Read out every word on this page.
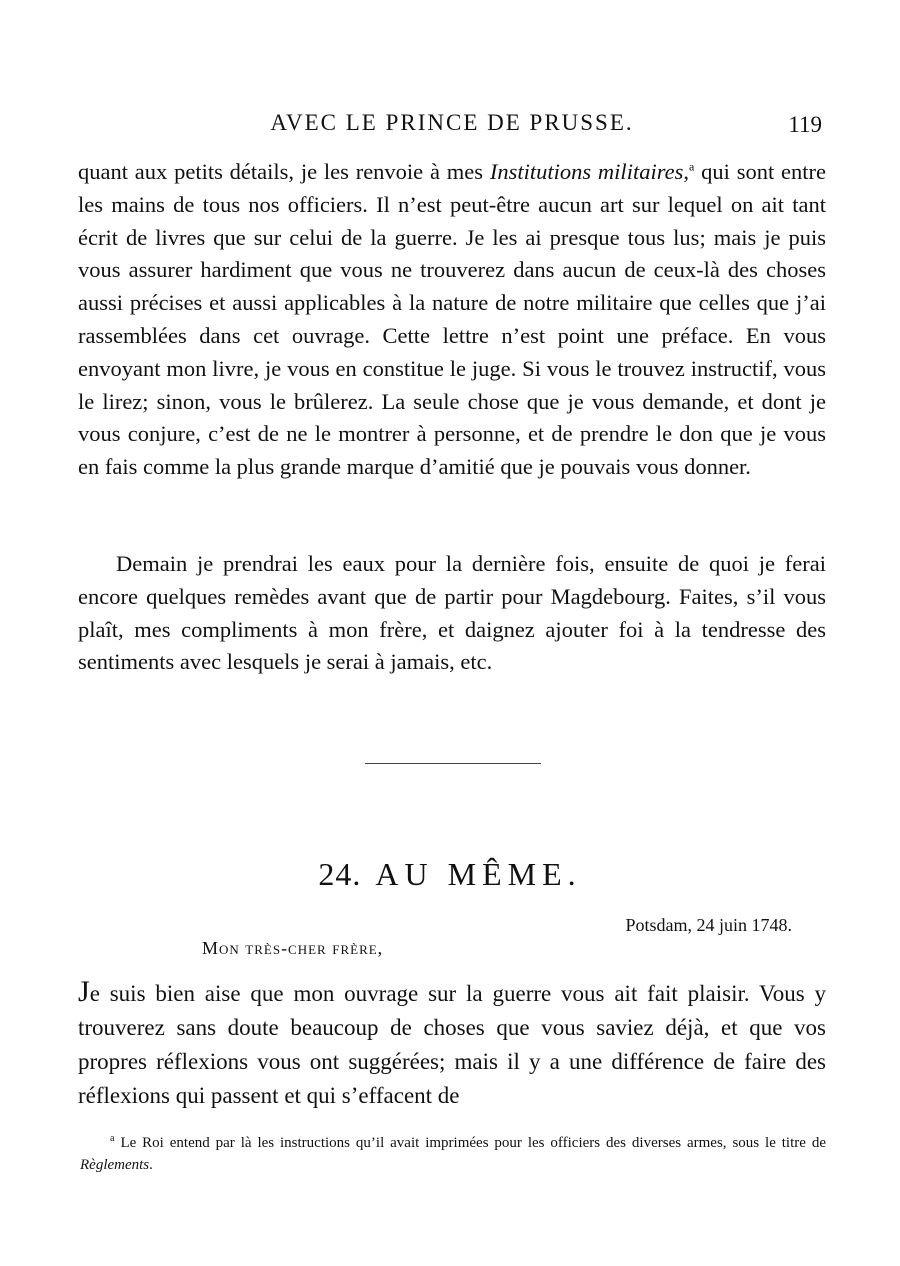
AVEC LE PRINCE DE PRUSSE.	119

quant aux petits détails, je les renvoie à mes Institutions militaires,$^a$ qui sont entre les mains de tous nos officiers. Il n’est peut-être aucun art sur lequel on ait tant écrit de livres que sur celui de la guerre. Je les ai presque tous lus; mais je puis vous assurer hardiment que vous ne trouverez dans aucun de ceux-là des choses aussi précises et aussi applicables à la nature de notre militaire que celles que j’ai rassemblées dans cet ouvrage. Cette lettre n’est point une préface. En vous envoyant mon livre, je vous en constitue le juge. Si vous le trouvez instructif, vous le lirez; sinon, vous le brûlerez. La seule chose que je vous demande, et dont je vous conjure, c’est de ne le montrer à personne, et de prendre le don que je vous en fais comme la plus grande marque d’amitié que je pouvais vous donner.

Demain je prendrai les eaux pour la dernière fois, ensuite de quoi je ferai encore quelques remèdes avant que de partir pour Magdebourg. Faites, s’il vous plaît, mes compliments à mon frère, et daignez ajouter foi à la tendresse des sentiments avec lesquels je serai à jamais, etc.

24. AU MÊME.
Potsdam, 24 juin 1748.
Mon très-cher frère,

Je suis bien aise que mon ouvrage sur la guerre vous ait fait plaisir. Vous y trouverez sans doute beaucoup de choses que vous saviez déjà, et que vos propres réflexions vous ont suggérées; mais il y a une différence de faire des réflexions qui passent et qui s’effacent de

$^a$ Le Roi entend par là les instructions qu’il avait imprimées pour les officiers des diverses armes, sous le titre de Règlements.
